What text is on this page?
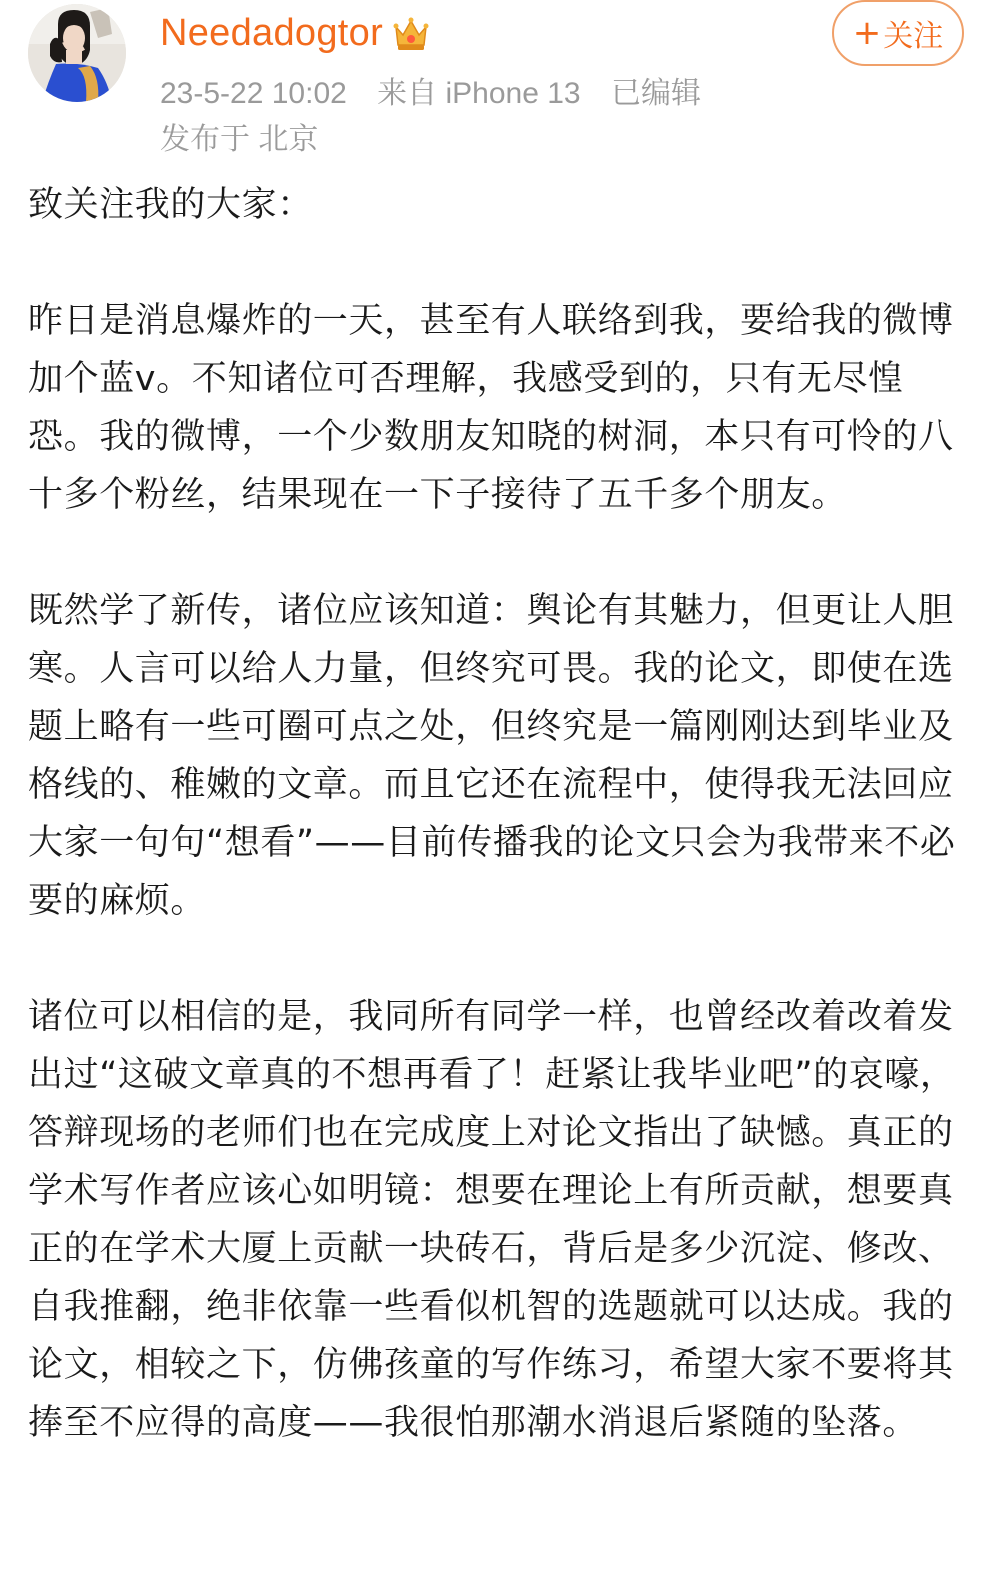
Needadogtor
23-5-22 10:02 来自 iPhone 13 已编辑
发布于 北京
+ 关注

致关注我的大家：

昨日是消息爆炸的一天，甚至有人联络到我，要给我的微博加个蓝v。不知诸位可否理解，我感受到的，只有无尽惶恐。我的微博，一个少数朋友知晓的树洞，本只有可怜的八十多个粉丝，结果现在一下子接待了五千多个朋友。

既然学了新传，诸位应该知道：舆论有其魅力，但更让人胆寒。人言可以给人力量，但终究可畏。我的论文，即使在选题上略有一些可圈可点之处，但终究是一篇刚刚达到毕业及格线的、稚嫩的文章。而且它还在流程中，使得我无法回应大家一句句“想看”——目前传播我的论文只会为我带来不必要的麻烦。

诸位可以相信的是，我同所有同学一样，也曾经改着改着发出过“这破文章真的不想再看了！赶紧让我毕业吧”的哀嚎，答辩现场的老师们也在完成度上对论文指出了缺憾。真正的学术写作者应该心如明镜：想要在理论上有所贡献，想要真正的在学术大厦上贡献一块砖石，背后是多少沉淀、修改、自我推翻，绝非依靠一些看似机智的选题就可以达成。我的论文，相较之下，仿佛孩童的写作练习，希望大家不要将其捧至不应得的高度——我很怕那潮水消退后紧随的坠落。
